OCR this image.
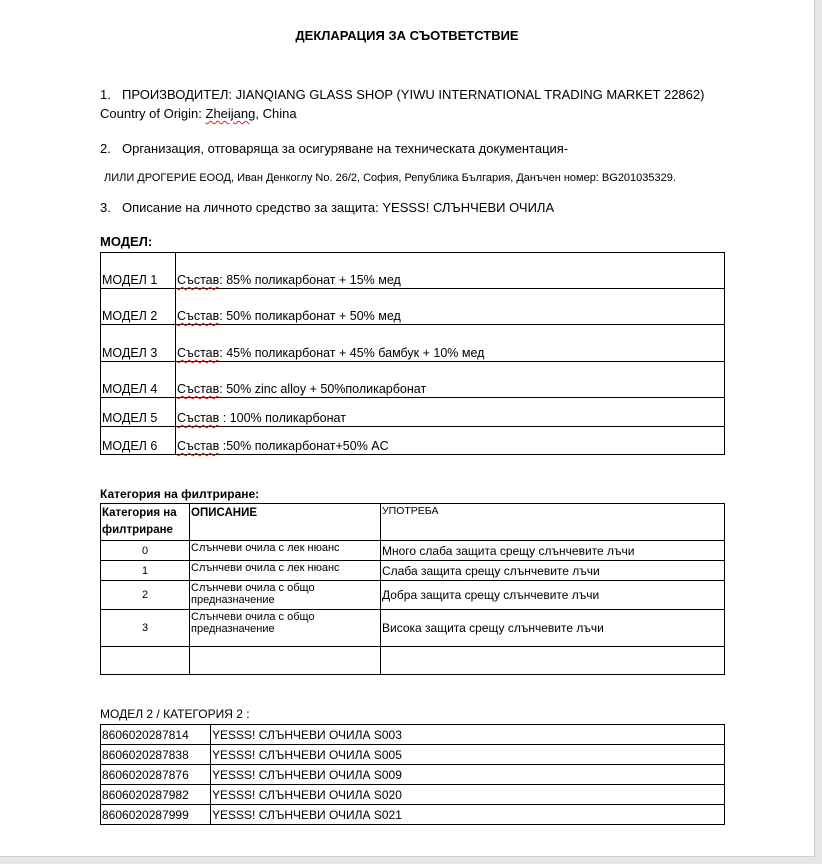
ДЕКЛАРАЦИЯ ЗА СЪОТВЕТСТВИЕ
1. ПРОИЗВОДИТЕЛ: JIANQIANG GLASS SHOP (YIWU INTERNATIONAL TRADING MARKET 22862)
Country of Origin: Zheijang, China
2. Организация, отговаряща за осигуряване на техническата документация-
ЛИЛИ ДРОГЕРИЕ ЕООД, Иван Денкоглу No. 26/2, София, Република България, Данъчен номер: BG201035329.
3. Описание на личното средство за защита: YESSS! СЛЪНЧЕВИ ОЧИЛА
МОДЕЛ:
МОДЕЛ 1	Състав: 85% поликарбонат + 15% мед
МОДЕЛ 2	Състав: 50% поликарбонат + 50% мед
МОДЕЛ 3	Състав: 45% поликарбонат + 45% бамбук + 10% мед
МОДЕЛ 4	Състав: 50% zinc alloy + 50%поликарбонат
МОДЕЛ 5	Състав : 100% поликарбонат
МОДЕЛ 6	Състав :50% поликарбонат+50% AC
Категория на филтриране:
Категория на филтриране	ОПИСАНИЕ	УПОТРЕБА
0	Слънчеви очила с лек нюанс	Много слаба защита срещу слънчевите лъчи
1	Слънчеви очила с лек нюанс	Слаба защита срещу слънчевите лъчи
2	Слънчеви очила с общо предназначение	Добра защита срещу слънчевите лъчи
3	Слънчеви очила с общо предназначение	Висока защита срещу слънчевите лъчи

МОДЕЛ 2 / КАТЕГОРИЯ 2 :
8606020287814	YESSS! СЛЪНЧЕВИ ОЧИЛА S003
8606020287838	YESSS! СЛЪНЧЕВИ ОЧИЛА S005
8606020287876	YESSS! СЛЪНЧЕВИ ОЧИЛА S009
8606020287982	YESSS! СЛЪНЧЕВИ ОЧИЛА S020
8606020287999	YESSS! СЛЪНЧЕВИ ОЧИЛА S021
